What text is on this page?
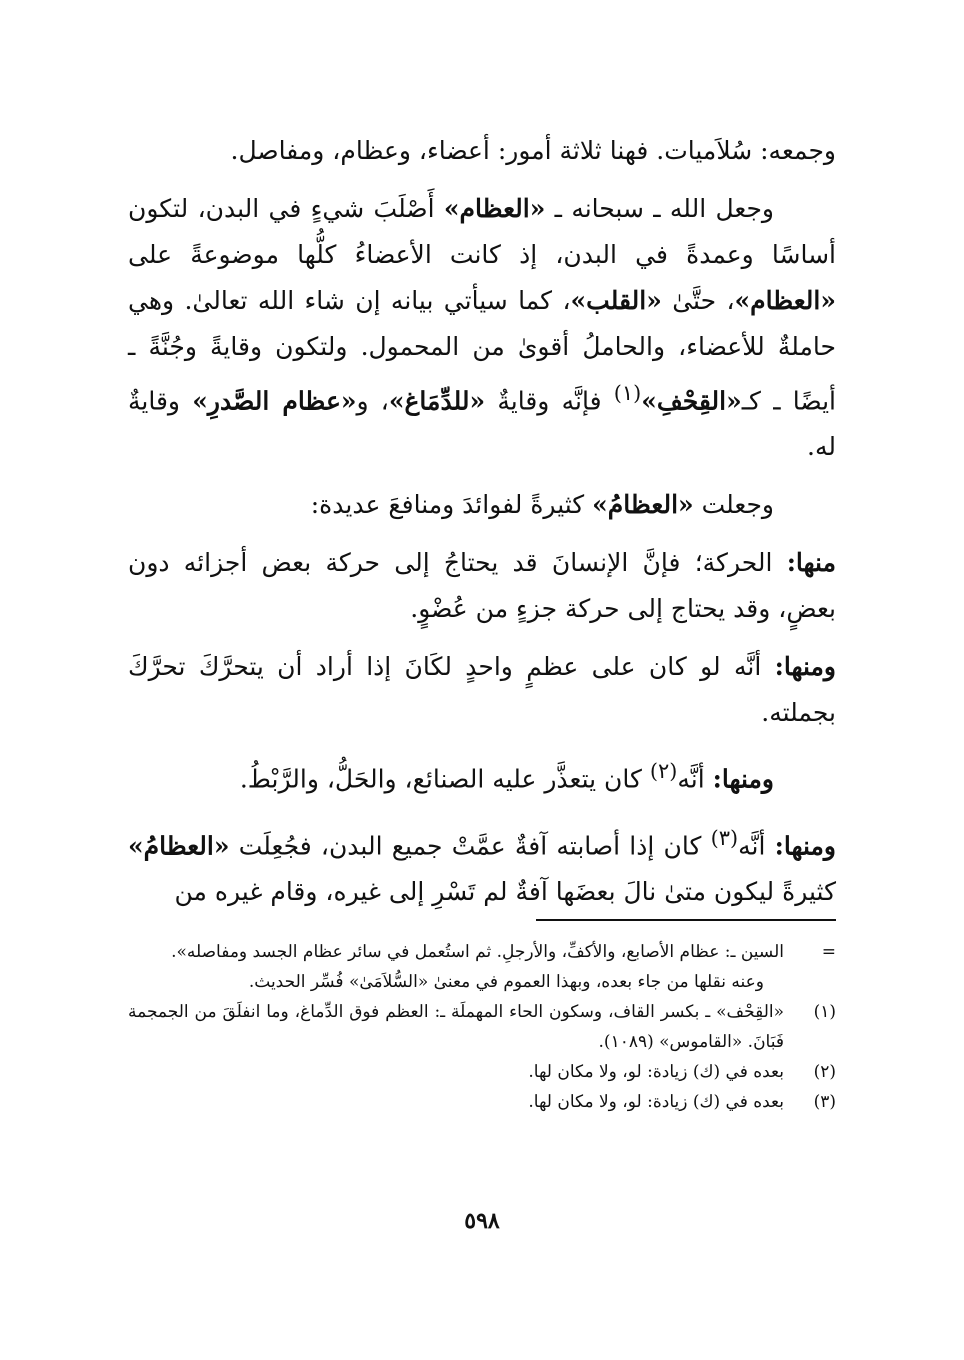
وجمعه: سُلاَميات. فهنا ثلاثة أمور: أعضاء، وعظام، ومفاصل.

وجعل الله ـ سبحانه ـ «العظام» أَصْلَبَ شيءٍ في البدن، لتكون أساسًا وعمدةً في البدن، إذ كانت الأعضاءُ كلُّها موضوعةً على «العظام»، حتَّىٰ «القلب»، كما سيأتي بيانه إن شاء الله تعالىٰ. وهي حاملةٌ للأعضاء، والحاملُ أقوىٰ من المحمول. ولتكون وقايةً وجُنَّةً ـ أيضًا ـ كـ«القِحْفِ»$^{(١)}$ فإنَّه وقايةٌ «للدِّمَاغ»، و«عظام الصَّدرِ» وقايةٌ له.

وجعلت «العظامُ» كثيرةً لفوائدَ ومنافعَ عديدة:

منها: الحركة؛ فإنَّ الإنسانَ قد يحتاجُ إلى حركة بعض أجزائه دون بعضٍ، وقد يحتاج إلى حركة جزءٍ من عُضْوٍ.

ومنها: أنَّه لو كان على عظمٍ واحدٍ لكَانَ إذا أراد أن يتحرَّكَ تحرَّكَ بجملته.

ومنها: أنَّه$^{(٢)}$ كان يتعذَّر عليه الصنائع، والحَلُّ، والرَّبْطُ.

ومنها: أنَّه$^{(٣)}$ كان إذا أصابته آفةٌ عمَّتْ جميع البدن، فجُعِلَت «العظامُ» كثيرةً ليكون متىٰ نالَ بعضَها آفةٌ لم تَسْرِ إلى غيره، وقام غيره من

=
السين ـ: عظام الأصابع، والأكفِّ، والأرجلِ. ثم استُعمل في سائر عظام الجسد ومفاصله».
وعنه نقلها من جاء بعده، وبهذا العموم في معنىٰ «السُّلاَمَىٰ» فُسِّر الحديث.
(١)
«القِحْف» ـ بكسر القاف، وسكون الحاء المهملَة ـ: العظم فوق الدِّماغ، وما انفلَقَ من الجمجمة فَبَانَ. «القاموس» (١٠٨٩).
(٢)
بعده في (ك) زيادة: لو، ولا مكان لها.
(٣)
بعده في (ك) زيادة: لو، ولا مكان لها.
٥٩٨
